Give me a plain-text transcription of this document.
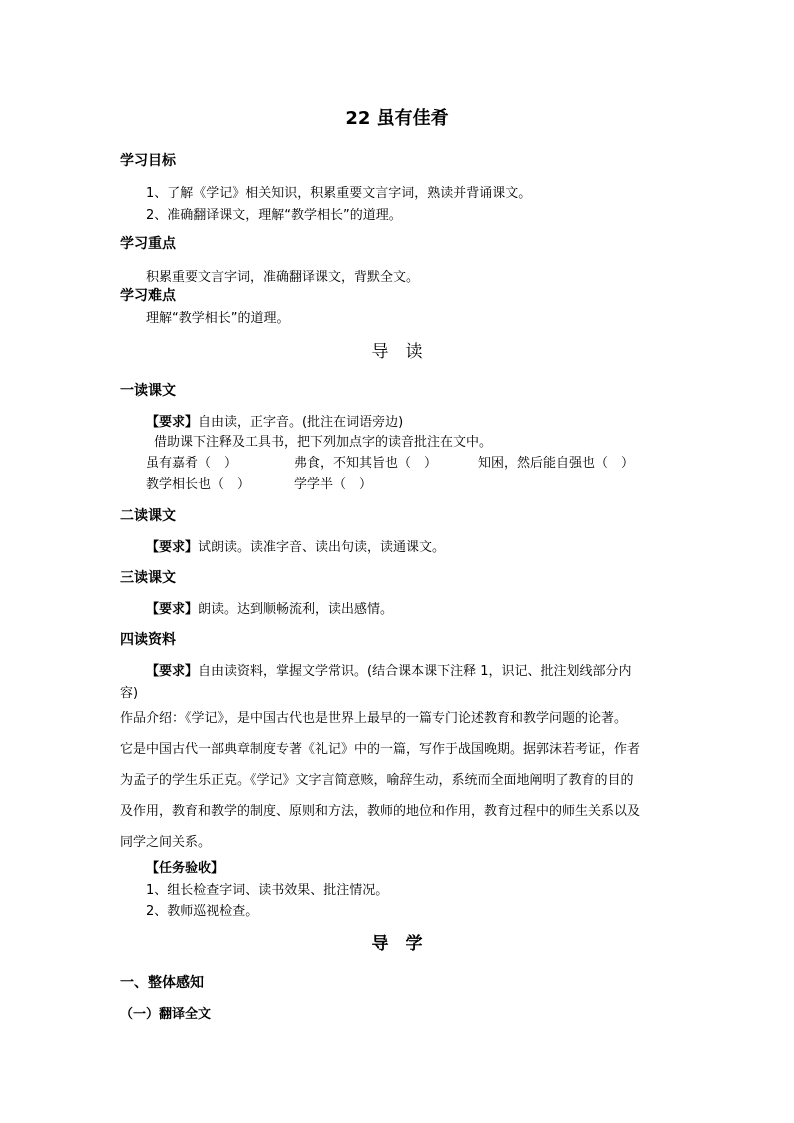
22 虽有佳肴
学习目标
1、了解《学记》相关知识，积累重要文言字词，熟读并背诵课文。
2、准确翻译课文，理解“教学相长”的道理。
学习重点
积累重要文言字词，准确翻译课文，背默全文。
学习难点
理解“教学相长”的道理。
导　读
一读课文
【要求】自由读，正字音。(批注在词语旁边)
借助课下注释及工具书，把下列加点字的读音批注在文中。
虽有嘉肴（　）	弗食，不知其旨也（　）	知困，然后能自强也（　）
教学相长也（　）	学学半（　）
二读课文
【要求】试朗读。读准字音、读出句读，读通课文。
三读课文
【要求】朗读。达到顺畅流利，读出感情。
四读资料
【要求】自由读资料，掌握文学常识。(结合课本课下注释 1，识记、批注划线部分内
容)
作品介绍：《学记》，是中国古代也是世界上最早的一篇专门论述教育和教学问题的论著。
它是中国古代一部典章制度专著《礼记》中的一篇，写作于战国晚期。据郭沫若考证，作者
为孟子的学生乐正克。《学记》文字言简意赅，喻辞生动，系统而全面地阐明了教育的目的
及作用，教育和教学的制度、原则和方法，教师的地位和作用，教育过程中的师生关系以及
同学之间关系。
【任务验收】
1、组长检查字词、读书效果、批注情况。
2、教师巡视检查。
导　学
一、整体感知
（一）翻译全文
